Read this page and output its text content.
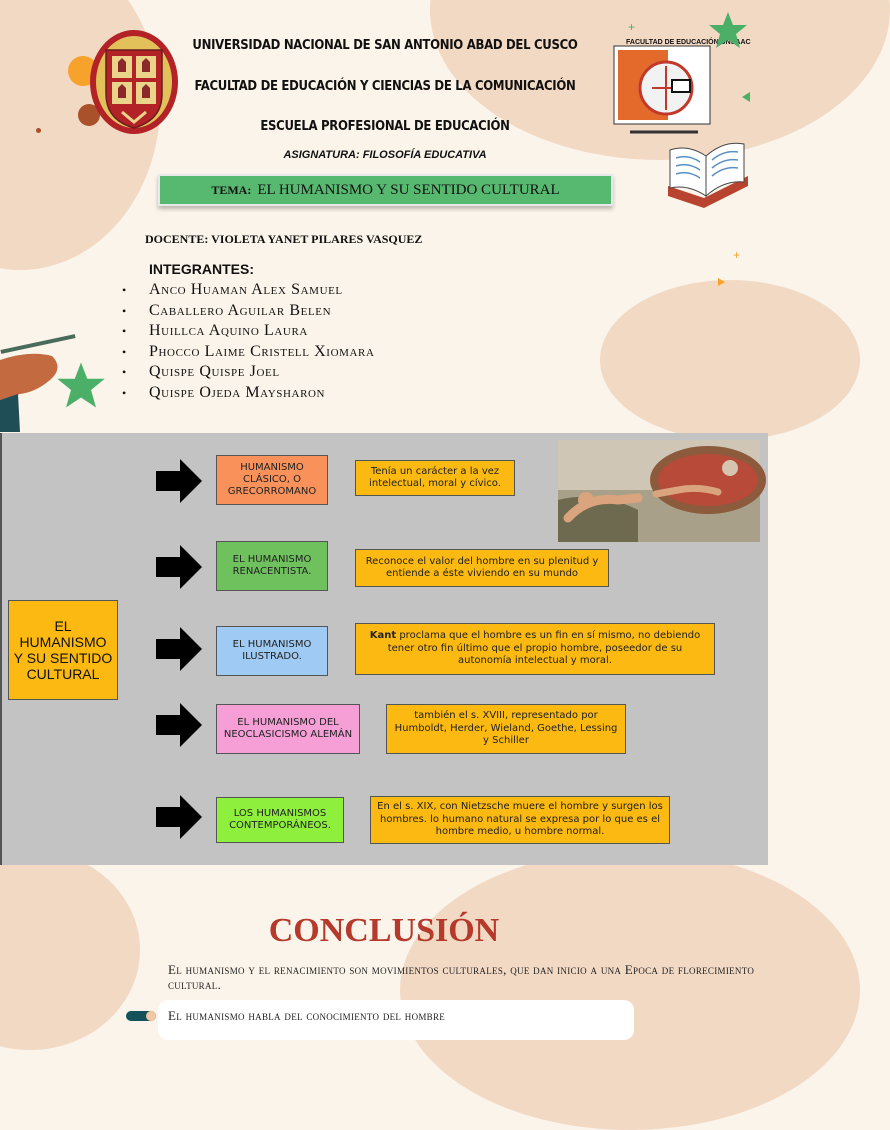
+
+
UNIVERSIDAD NACIONAL DE SAN ANTONIO ABAD DEL CUSCO
FACULTAD DE EDUCACIÓN Y CIENCIAS DE LA COMUNICACIÓN
ESCUELA PROFESIONAL DE EDUCACIÓN
ASIGNATURA: FILOSOFÍA EDUCATIVA
TEMA: EL HUMANISMO Y SU SENTIDO CULTURAL
DOCENTE: VIOLETA YANET PILARES VASQUEZ
FACULTAD DE EDUCACIÓN UNSAAC
INTEGRANTES:
• Anco Huaman Alex Samuel
• Caballero Aguilar Belen
• Huillca Aquino Laura
• Phocco Laime Cristell Xiomara
• Quispe Quispe Joel
• Quispe Ojeda Maysharon
EL HUMANISMO Y SU SENTIDO CULTURAL
HUMANISMO CLÁSICO, O GRECORROMANO
Tenía un carácter a la vez intelectual, moral y cívico.
EL HUMANISMO RENACENTISTA.
Reconoce el valor del hombre en su plenitud y entiende a éste viviendo en su mundo
EL HUMANISMO ILUSTRADO.
Kant proclama que el hombre es un fin en sí mismo, no debiendo tener otro fin último que el propio hombre, poseedor de su autonomía intelectual y moral.
EL HUMANISMO DEL NEOCLASICISMO ALEMÁN
también el s. XVIII, representado por Humboldt, Herder, Wieland, Goethe, Lessing y Schiller
LOS HUMANISMOS CONTEMPORÁNEOS.
En el s. XIX, con Nietzsche muere el hombre y surgen los hombres. lo humano natural se expresa por lo que es el hombre medio, u hombre normal.
CONCLUSIÓN
El humanismo y el renacimiento son movimientos culturales, que dan inicio a una Epoca de florecimiento cultural.
El humanismo habla del conocimiento del hombre
